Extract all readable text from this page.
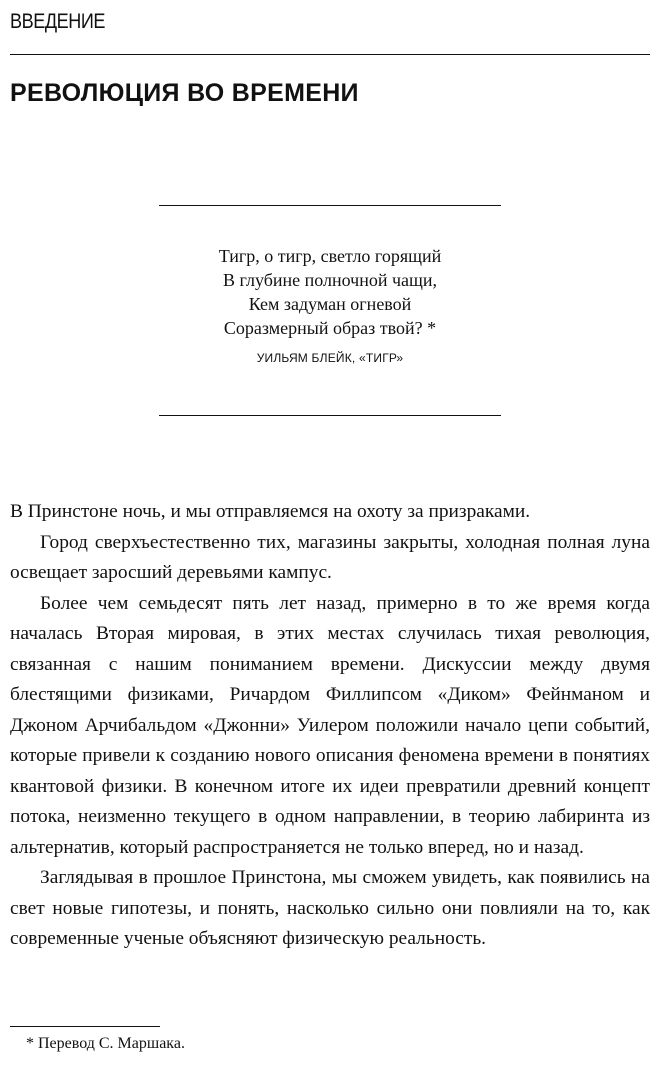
ВВЕДЕНИЕ
РЕВОЛЮЦИЯ ВО ВРЕМЕНИ
Тигр, о тигр, светло горящий
В глубине полночной чащи,
Кем задуман огневой
Соразмерный образ твой? *
УИЛЬЯМ БЛЕЙК, «ТИГР»

В Принстоне ночь, и мы отправляемся на охоту за призраками.

Город сверхъестественно тих, магазины закрыты, холодная полная луна освещает заросший деревьями кампус.

Более чем семьдесят пять лет назад, примерно в то же время когда началась Вторая мировая, в этих местах случилась тихая революция, связанная с нашим пониманием времени. Дискуссии между двумя блестящими физиками, Ричардом Филлипсом «Диком» Фейнманом и Джоном Арчибальдом «Джонни» Уилером положили начало цепи событий, которые привели к созданию нового описания феномена времени в понятиях квантовой физики. В конечном итоге их идеи превратили древний концепт потока, неизменно текущего в одном направлении, в теорию лабиринта из альтернатив, который распространяется не только вперед, но и назад.

Заглядывая в прошлое Принстона, мы сможем увидеть, как появились на свет новые гипотезы, и понять, насколько сильно они повлияли на то, как современные ученые объясняют физическую реальность.

* Перевод С. Маршака.
